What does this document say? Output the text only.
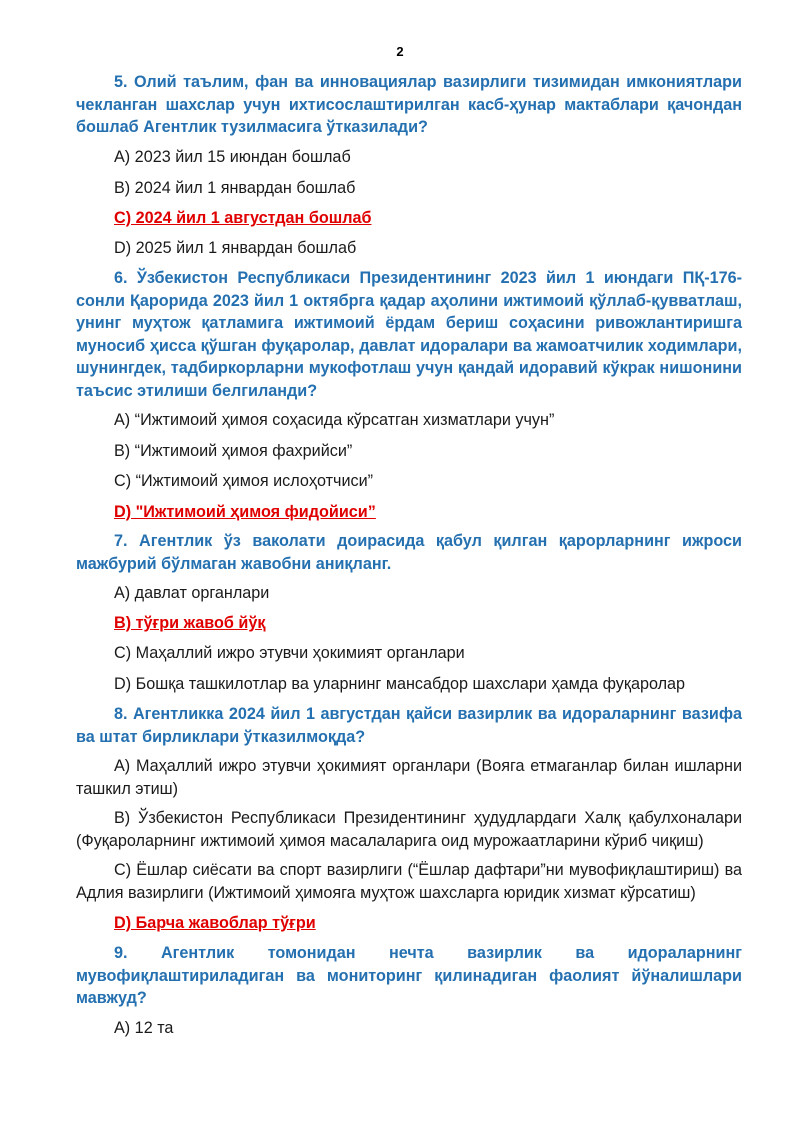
2

5. Олий таълим, фан ва инновациялар вазирлиги тизимидан имкониятлари чекланган шахслар учун ихтисослаштирилган касб-ҳунар мактаблари қачондан бошлаб Агентлик тузилмасига ўтказилади?

A) 2023 йил 15 июндан бошлаб

B) 2024 йил 1 январдан бошлаб

C) 2024 йил 1 августдан бошлаб

D) 2025 йил 1 январдан бошлаб

6. Ўзбекистон Республикаси Президентининг 2023 йил 1 июндаги ПҚ-176-сонли Қарорида 2023 йил 1 октябрга қадар аҳолини ижтимоий қўллаб-қувватлаш, унинг муҳтож қатламига ижтимоий ёрдам бериш соҳасини ривожлантиришга муносиб ҳисса қўшган фуқаролар, давлат идоралари ва жамоатчилик ходимлари, шунингдек, тадбиркорларни мукофотлаш учун қандай идоравий кўкрак нишонини таъсис этилиши белгиланди?

A) “Ижтимоий ҳимоя соҳасида кўрсатган хизматлари учун”

B) “Ижтимоий ҳимоя фахрийси”

C) “Ижтимоий ҳимоя ислоҳотчиси”

D) "Ижтимоий ҳимоя фидойиси”

7. Агентлик ўз ваколати доирасида қабул қилган қарорларнинг ижроси мажбурий бўлмаган жавобни аниқланг.

A) давлат органлари

B) тўғри жавоб йўқ

C) Маҳаллий ижро этувчи ҳокимият органлари

D) Бошқа ташкилотлар ва уларнинг мансабдор шахслари ҳамда фуқаролар

8. Агентликка 2024 йил 1 августдан қайси вазирлик ва идораларнинг вазифа ва штат бирликлари ўтказилмоқда?

A) Маҳаллий ижро этувчи ҳокимият органлари (Вояга етмаганлар билан ишларни ташкил этиш)

B) Ўзбекистон Республикаси Президентининг ҳудудлардаги Халқ қабулхоналари (Фуқароларнинг ижтимоий ҳимоя масалаларига оид мурожаатларини кўриб чиқиш)

C) Ёшлар сиёсати ва спорт вазирлиги (“Ёшлар дафтари”ни мувофиқлаштириш) ва Адлия вазирлиги (Ижтимоий ҳимояга муҳтож шахсларга юридик хизмат кўрсатиш)

D) Барча жавоблар тўғри

9. Агентлик томонидан нечта вазирлик ва идораларнинг мувофиқлаштириладиган ва мониторинг қилинадиган фаолият йўналишлари мавжуд?

A) 12 та
